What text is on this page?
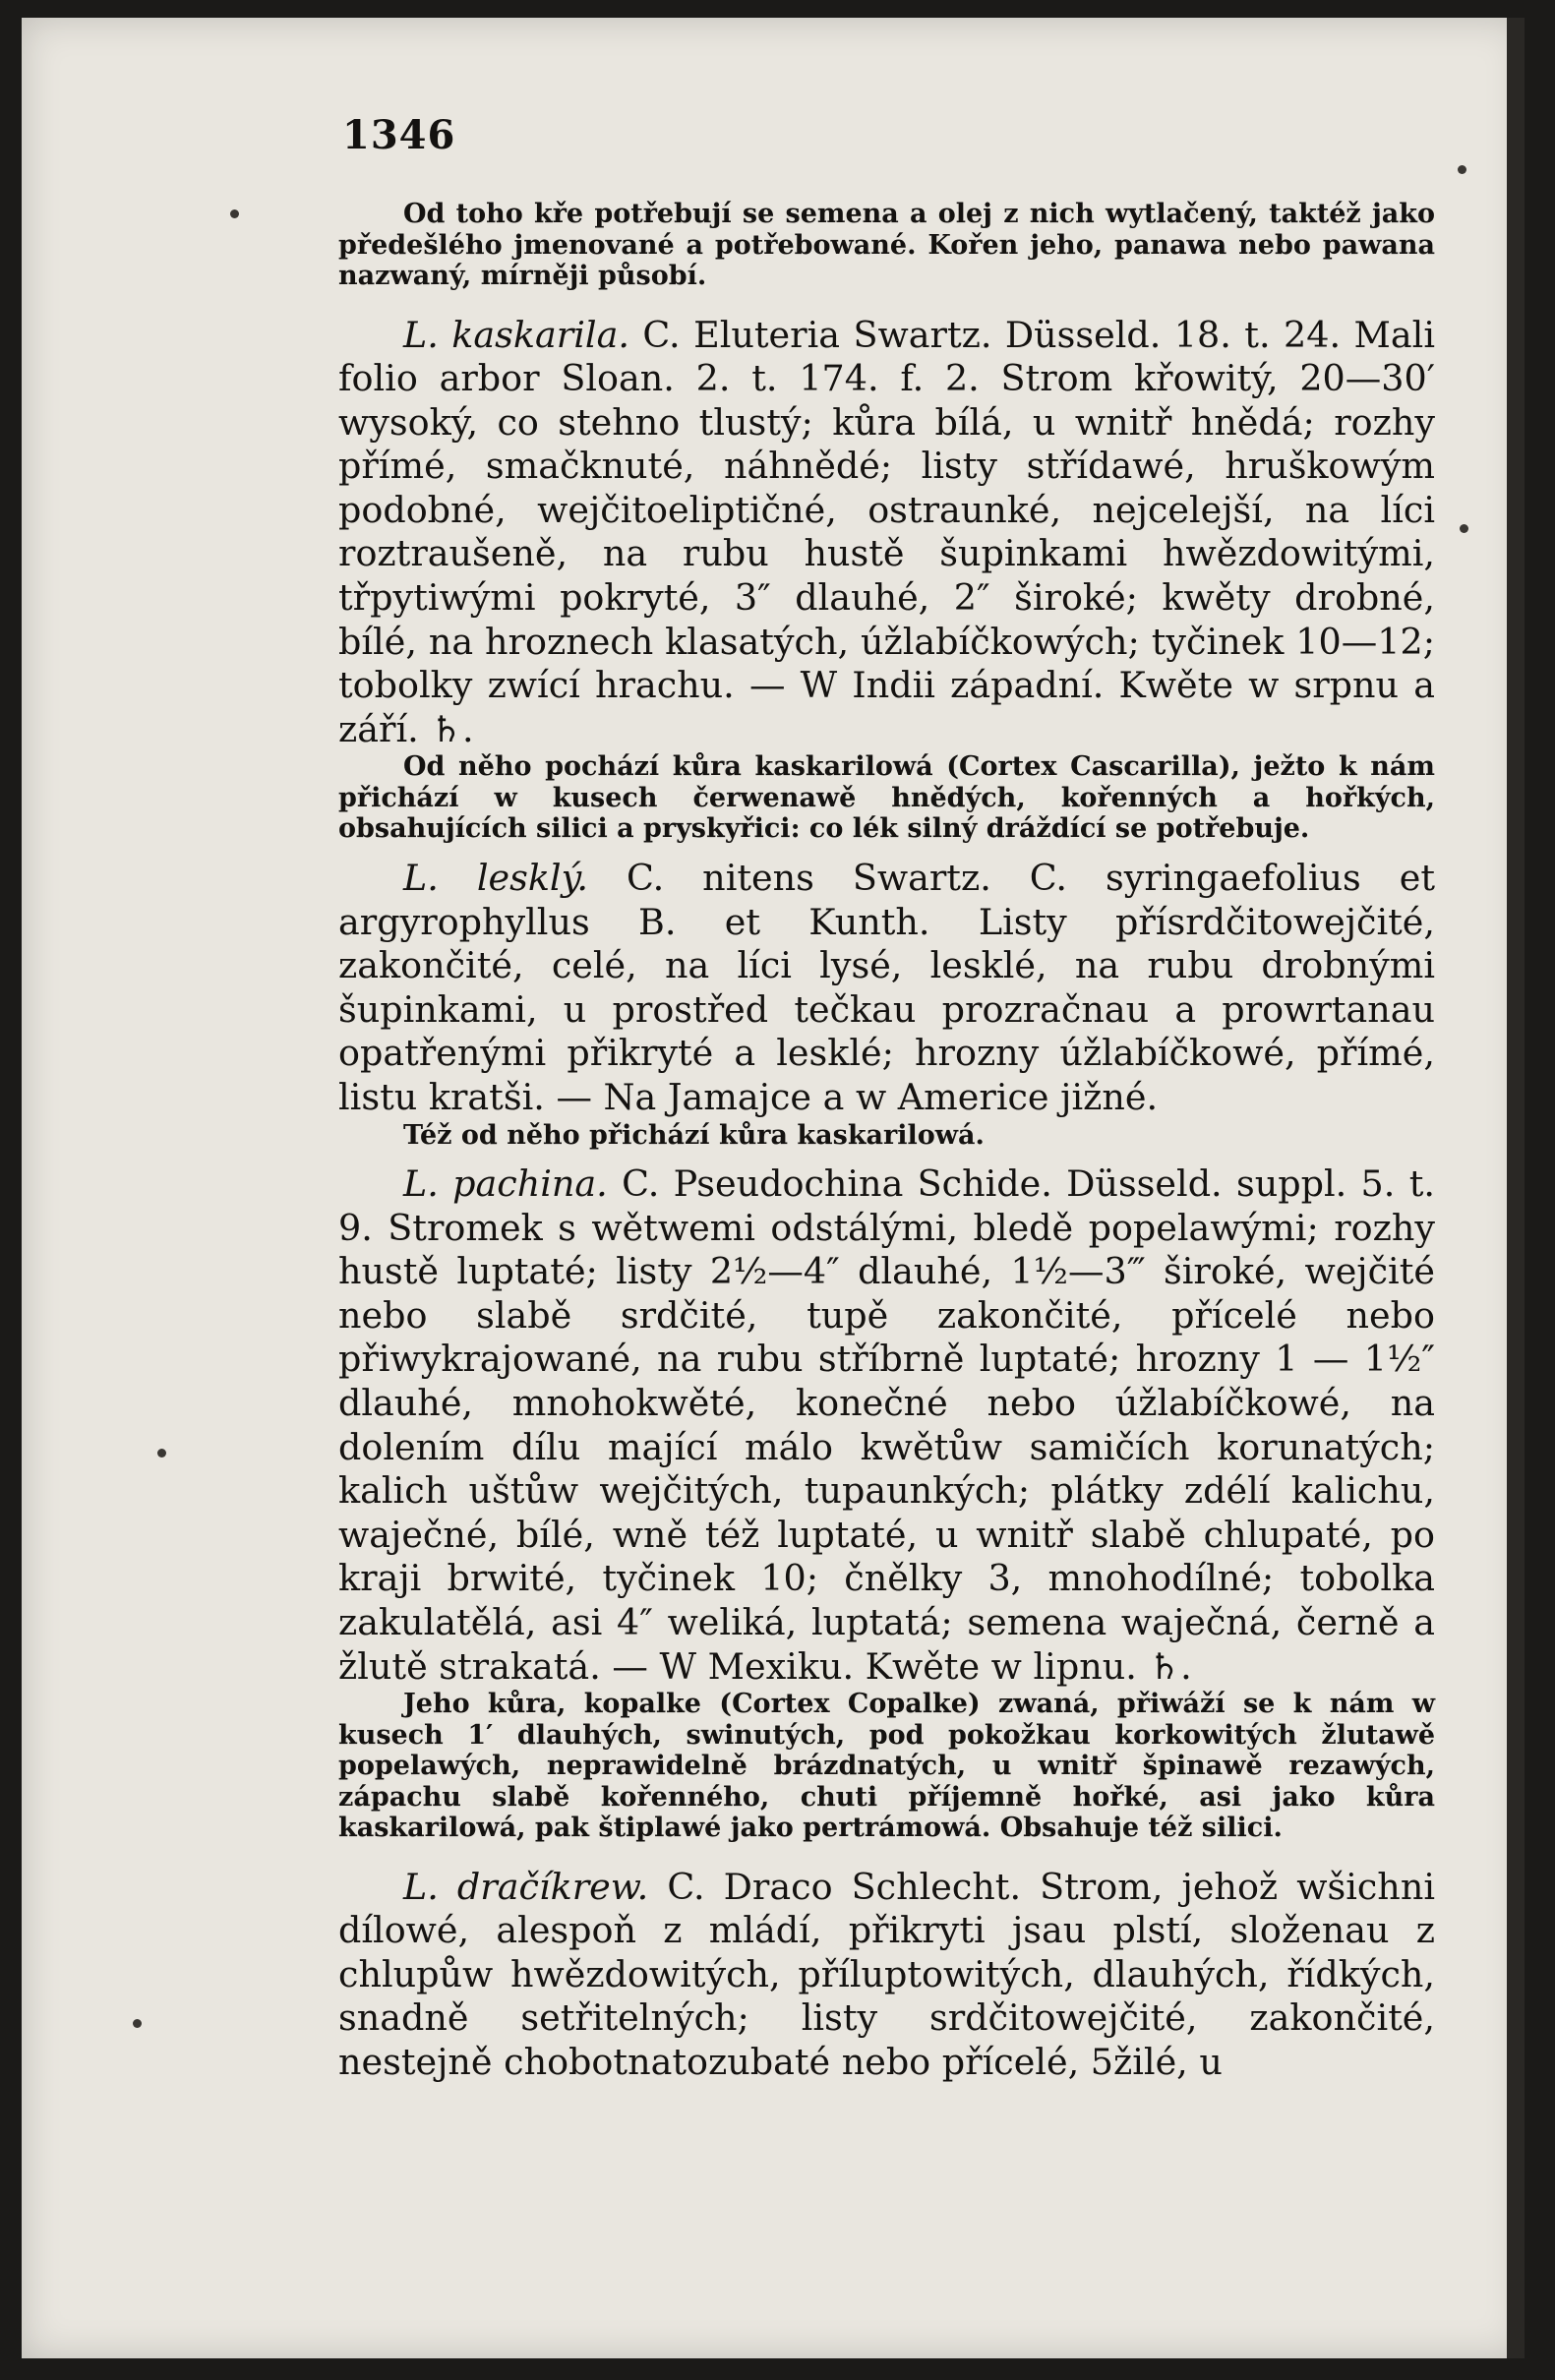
1346

Od toho kře potřebují se semena a olej z nich wytlačený, taktéž jako předešlého jmenované a potřebowané. Kořen jeho, panawa nebo pawana nazwaný, mírněji působí.

L. kaskarila. C. Eluteria Swartz. Düsseld. 18. t. 24. Mali folio arbor Sloan. 2. t. 174. f. 2. Strom křowitý, 20—30′ wysoký, co stehno tlustý; kůra bílá, u wnitř hnědá; rozhy přímé, smačknuté, náhnědé; listy střídawé, hruškowým podobné, wejčitoeliptičné, ostraunké, nejcelejší, na líci roztraušeně, na rubu hustě šupinkami hwězdowitými, třpytiwými pokryté, 3″ dlauhé, 2″ široké; kwěty drobné, bílé, na hroznech klasatých, úžlabíčkowých; tyčinek 10—12; tobolky zwící hrachu. — W Indii západní. Kwěte w srpnu a září. ♄.

Od něho pochází kůra kaskarilowá (Cortex Cascarilla), ježto k nám přichází w kusech čerwenawě hnědých, kořenných a hořkých, obsahujících silici a pryskyřici: co lék silný dráždící se potřebuje.

L. lesklý. C. nitens Swartz. C. syringaefolius et argyrophyllus B. et Kunth. Listy přísrdčitowejčité, zakončité, celé, na líci lysé, lesklé, na rubu drobnými šupinkami, u prostřed tečkau prozračnau a prowrtanau opatřenými přikryté a lesklé; hrozny úžlabíčkowé, přímé, listu kratši. — Na Jamajce a w Americe jižné.

Též od něho přichází kůra kaskarilowá.

L. pachina. C. Pseudochina Schide. Düsseld. suppl. 5. t. 9. Stromek s wětwemi odstálými, bledě popelawými; rozhy hustě luptaté; listy 2½—4″ dlauhé, 1½—3‴ široké, wejčité nebo slabě srdčité, tupě zakončité, přícelé nebo přiwykrajowané, na rubu stříbrně luptaté; hrozny 1 — 1½″ dlauhé, mnohokwěté, konečné nebo úžlabíčkowé, na dolením dílu mající málo kwětůw samičích korunatých; kalich uštůw wejčitých, tupaunkých; plátky zdélí kalichu, waječné, bílé, wně též luptaté, u wnitř slabě chlupaté, po kraji brwité, tyčinek 10; čnělky 3, mnohodílné; tobolka zakulatělá, asi 4″ weliká, luptatá; semena waječná, černě a žlutě strakatá. — W Mexiku. Kwěte w lipnu. ♄.

Jeho kůra, kopalke (Cortex Copalke) zwaná, přiwáží se k nám w kusech 1′ dlauhých, swinutých, pod pokožkau korkowitých žlutawě popelawých, neprawidelně brázdnatých, u wnitř špinawě rezawých, zápachu slabě kořenného, chuti příjemně hořké, asi jako kůra kaskarilowá, pak štiplawé jako pertrámowá. Obsahuje též silici.

L. dračíkrew. C. Draco Schlecht. Strom, jehož wšichni dílowé, alespoň z mládí, přikryti jsau plstí, složenau z chlupůw hwězdowitých, příluptowitých, dlauhých, řídkých, snadně setřitelných; listy srdčitowejčité, zakončité, nestejně chobotnatozubaté nebo přícelé, 5žilé, u
